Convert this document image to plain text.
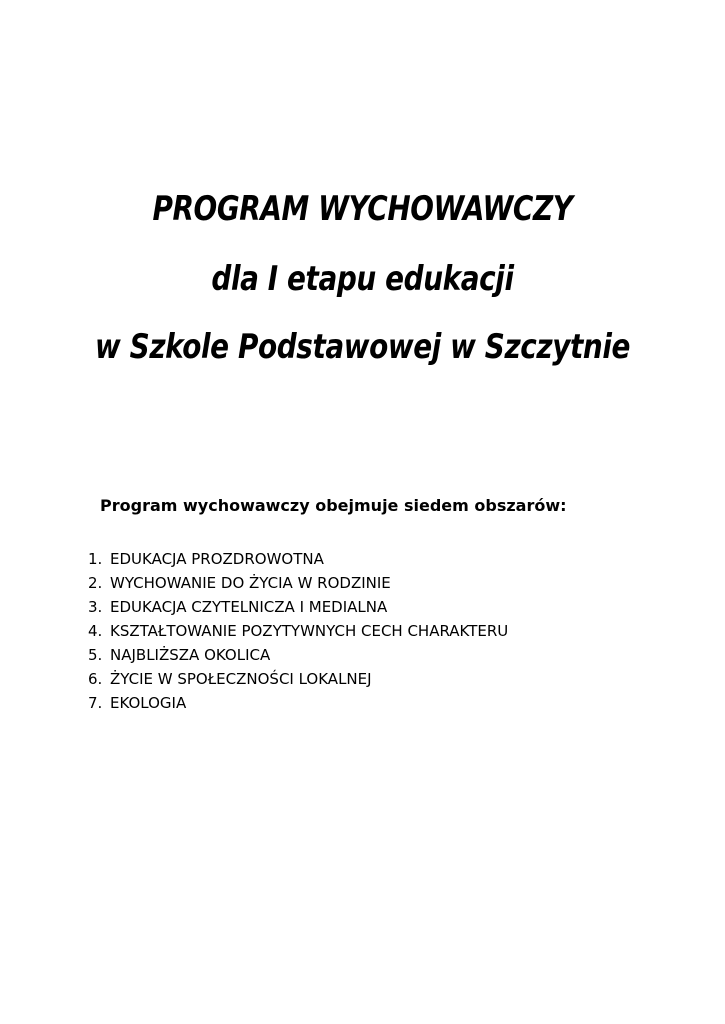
PROGRAM WYCHOWAWCZY
dla I etapu edukacji
w Szkole Podstawowej w Szczytnie
Program wychowawczy obejmuje siedem obszarów:
1. EDUKACJA PROZDROWOTNA
2. WYCHOWANIE DO ŻYCIA W RODZINIE
3. EDUKACJA CZYTELNICZA I MEDIALNA
4. KSZTAŁTOWANIE POZYTYWNYCH CECH CHARAKTERU
5. NAJBLIŻSZA OKOLICA
6. ŻYCIE W SPOŁECZNOŚCI LOKALNEJ
7. EKOLOGIA
